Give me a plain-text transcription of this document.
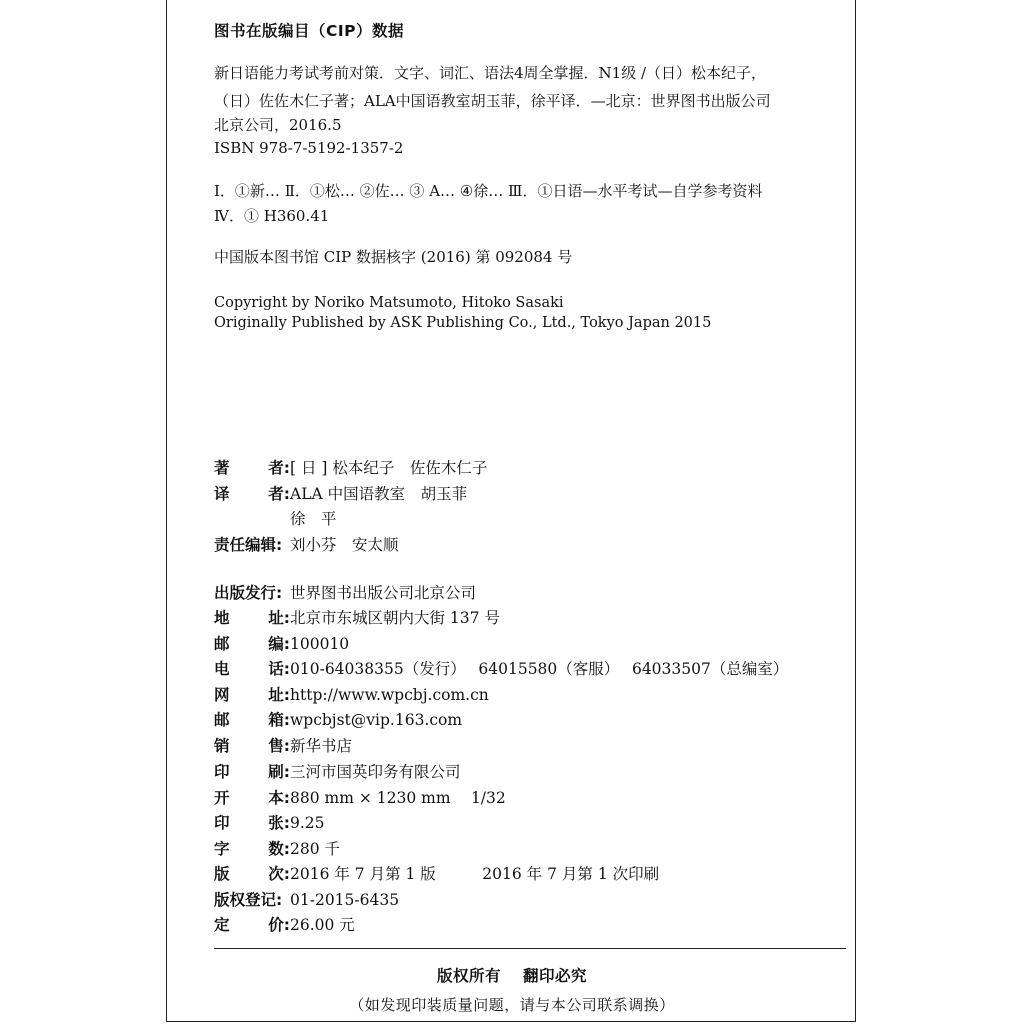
图书在版编目（CIP）数据
新日语能力考试考前对策．文字、词汇、语法4周全掌握．N1级 /（日）松本纪子，
（日）佐佐木仁子著；ALA中国语教室胡玉菲，徐平译．—北京：世界图书出版公司
北京公司，2016.5
ISBN 978-7-5192-1357-2
Ⅰ．①新… Ⅱ．①松… ②佐… ③ A… ④徐… Ⅲ．①日语—水平考试—自学参考资料
Ⅳ．① H360.41
中国版本图书馆 CIP 数据核字 (2016) 第 092084 号
Copyright by Noriko Matsumoto, Hitoko Sasaki
Originally Published by ASK Publishing Co., Ltd., Tokyo Japan 2015
著	者: [ 日 ] 松本纪子　佐佐木仁子
译	者: ALA 中国语教室　胡玉菲
徐　平
责任编辑: 刘小芬　安太顺
出版发行: 世界图书出版公司北京公司
地	址: 北京市东城区朝内大街 137 号
邮	编: 100010
电	话: 010-64038355（发行）　 64015580（客服）　 64033507（总编室）
网	址: http://www.wpcbj.com.cn
邮	箱: wpcbjst@vip.163.com
销	售: 新华书店
印	刷: 三河市国英印务有限公司
开	本: 880 mm × 1230 mm　 1/32
印	张: 9.25
字	数: 280 千
版	次: 2016 年 7 月第 1 版　　　2016 年 7 月第 1 次印刷
版权登记: 01-2015-6435
定	价: 26.00 元
版权所有　 翻印必究
（如发现印装质量问题，请与本公司联系调换）
